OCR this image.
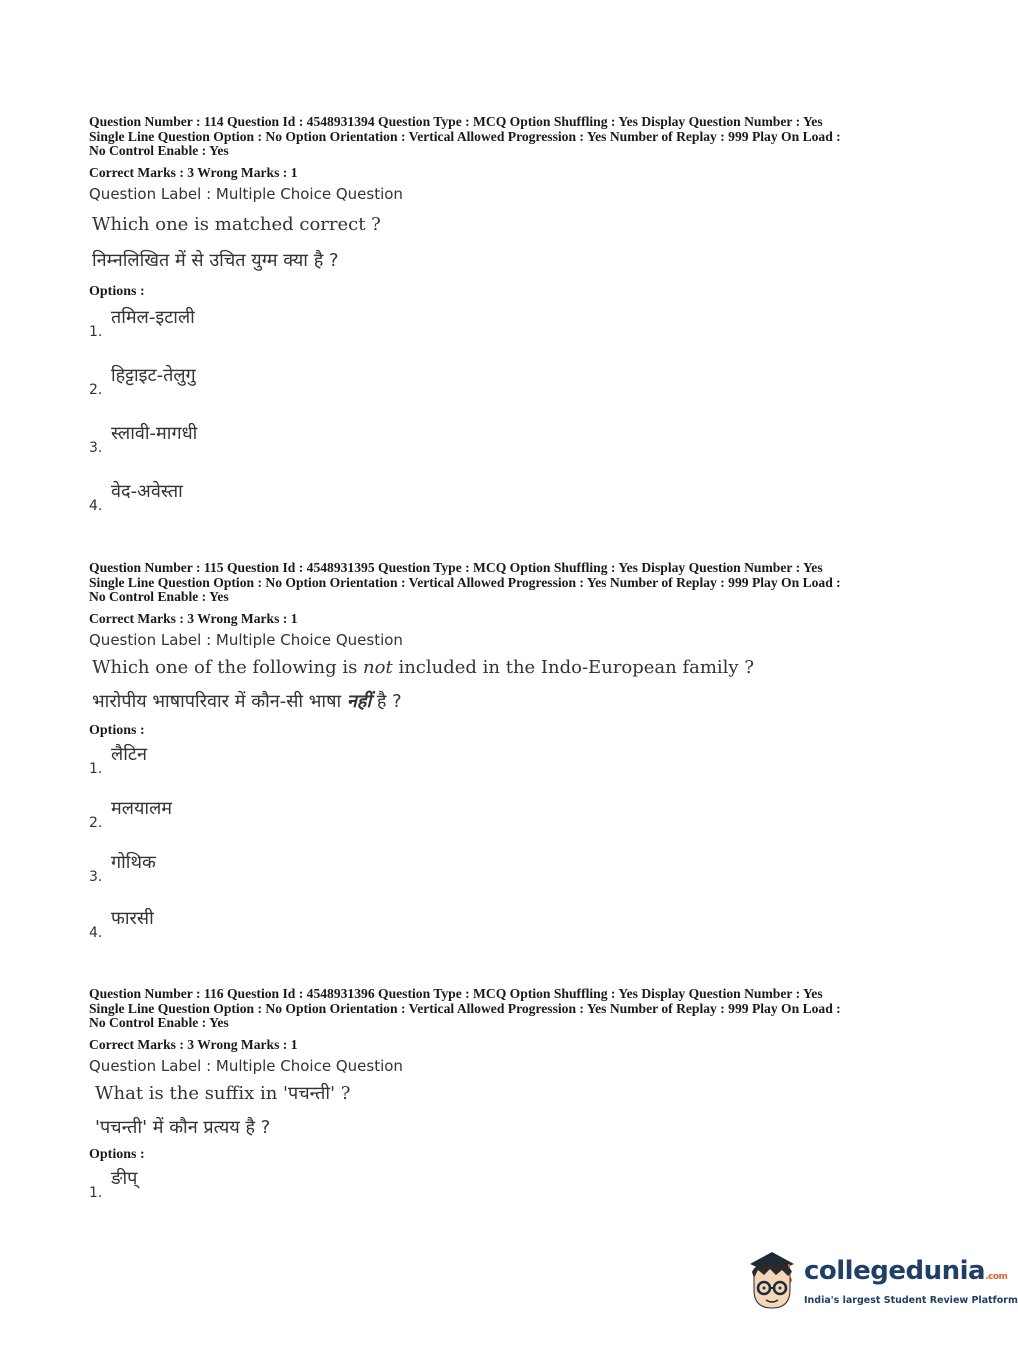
Question Number : 114 Question Id : 4548931394 Question Type : MCQ Option Shuffling : Yes Display Question Number : Yes

Single Line Question Option : No Option Orientation : Vertical Allowed Progression : Yes Number of Replay : 999 Play On Load :

No Control Enable : Yes

Correct Marks : 3 Wrong Marks : 1
Question Label : Multiple Choice Question
Which one is matched correct ?
निम्नलिखित में से उचित युग्म क्या है ?
Options :
1.
तमिल-इटाली
2.
हिट्टाइट-तेलुगु
3.
स्लावी-मागधी
4.
वेद-अवेस्ता

Question Number : 115 Question Id : 4548931395 Question Type : MCQ Option Shuffling : Yes Display Question Number : Yes

Single Line Question Option : No Option Orientation : Vertical Allowed Progression : Yes Number of Replay : 999 Play On Load :

No Control Enable : Yes

Correct Marks : 3 Wrong Marks : 1
Question Label : Multiple Choice Question
Which one of the following is not included in the Indo-European family ?
भारोपीय भाषापरिवार में कौन-सी भाषा नहीं है ?
Options :
1.
लैटिन
2.
मलयालम
3.
गोथिक
4.
फारसी

Question Number : 116 Question Id : 4548931396 Question Type : MCQ Option Shuffling : Yes Display Question Number : Yes

Single Line Question Option : No Option Orientation : Vertical Allowed Progression : Yes Number of Replay : 999 Play On Load :

No Control Enable : Yes

Correct Marks : 3 Wrong Marks : 1
Question Label : Multiple Choice Question
What is the suffix in 'पचन्ती' ?
'पचन्ती' में कौन प्रत्यय है ?
Options :
1.
ङीप्
collegedunia.com
India's largest Student Review Platform
